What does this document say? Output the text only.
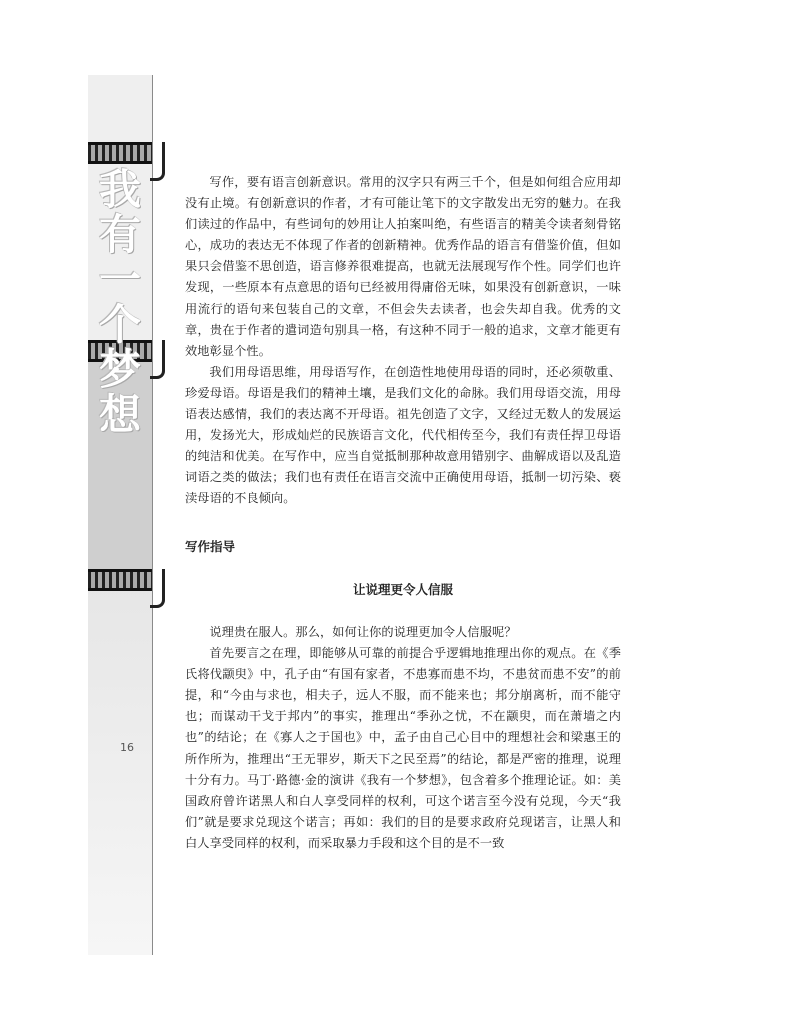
我
有
一
个
梦
想
16

写作，要有语言创新意识。常用的汉字只有两三千个，但是如何组合应用却没有止境。有创新意识的作者，才有可能让笔下的文字散发出无穷的魅力。在我们读过的作品中，有些词句的妙用让人拍案叫绝，有些语言的精美令读者刻骨铭心，成功的表达无不体现了作者的创新精神。优秀作品的语言有借鉴价值，但如果只会借鉴不思创造，语言修养很难提高，也就无法展现写作个性。同学们也许发现，一些原本有点意思的语句已经被用得庸俗无味，如果没有创新意识，一味用流行的语句来包装自己的文章，不但会失去读者，也会失却自我。优秀的文章，贵在于作者的遣词造句别具一格，有这种不同于一般的追求，文章才能更有效地彰显个性。

我们用母语思维，用母语写作，在创造性地使用母语的同时，还必须敬重、珍爱母语。母语是我们的精神土壤，是我们文化的命脉。我们用母语交流，用母语表达感情，我们的表达离不开母语。祖先创造了文字，又经过无数人的发展运用，发扬光大，形成灿烂的民族语言文化，代代相传至今，我们有责任捍卫母语的纯洁和优美。在写作中，应当自觉抵制那种故意用错别字、曲解成语以及乱造词语之类的做法；我们也有责任在语言交流中正确使用母语，抵制一切污染、亵渎母语的不良倾向。

写作指导
让说理更令人信服

说理贵在服人。那么，如何让你的说理更加令人信服呢？

首先要言之在理，即能够从可靠的前提合乎逻辑地推理出你的观点。在《季氏将伐颛臾》中，孔子由“有国有家者，不患寡而患不均，不患贫而患不安”的前提，和“今由与求也，相夫子，远人不服，而不能来也；邦分崩离析，而不能守也；而谋动干戈于邦内”的事实，推理出“季孙之忧，不在颛臾，而在萧墙之内也”的结论；在《寡人之于国也》中，孟子由自己心目中的理想社会和梁惠王的所作所为，推理出“王无罪岁，斯天下之民至焉”的结论，都是严密的推理，说理十分有力。马丁·路德·金的演讲《我有一个梦想》，包含着多个推理论证。如：美国政府曾许诺黑人和白人享受同样的权利，可这个诺言至今没有兑现，今天“我们”就是要求兑现这个诺言；再如：我们的目的是要求政府兑现诺言，让黑人和白人享受同样的权利，而采取暴力手段和这个目的是不一致
